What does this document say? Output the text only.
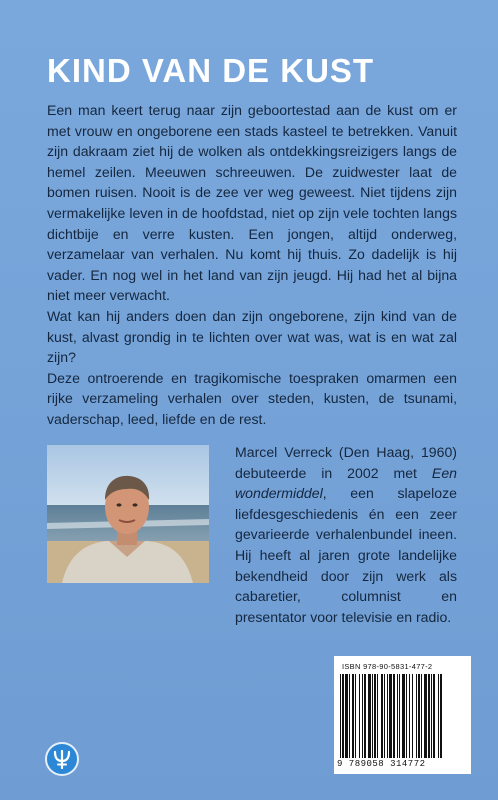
KIND VAN DE KUST

Een man keert terug naar zijn geboortestad aan de kust om er met vrouw en ongeborene een stads kasteel te betrekken. Vanuit zijn dakraam ziet hij de wolken als ontdekkingsreizigers langs de hemel zeilen. Meeuwen schreeuwen. De zuidwester laat de bomen ruisen. Nooit is de zee ver weg geweest. Niet tijdens zijn vermakelijke leven in de hoofdstad, niet op zijn vele tochten langs dichtbije en verre kusten. Een jongen, altijd onderweg, verzamelaar van verhalen. Nu komt hij thuis. Zo dadelijk is hij vader. En nog wel in het land van zijn jeugd. Hij had het al bijna niet meer verwacht.

Wat kan hij anders doen dan zijn ongeborene, zijn kind van de kust, alvast grondig in te lichten over wat was, wat is en wat zal zijn?

Deze ontroerende en tragikomische toespraken omarmen een rijke verzameling verhalen over steden, kusten, de tsunami, vaderschap, leed, liefde en de rest.

Marcel Verreck (Den Haag, 1960) debuteerde in 2002 met Een wondermiddel, een slapeloze liefdesgeschiedenis én een zeer gevarieerde verhalenbundel ineen. Hij heeft al jaren grote landelijke bekendheid door zijn werk als cabaretier, columnist en presentator voor televisie en radio.
ISBN 978-90-5831-477-2
9 789058 314772
